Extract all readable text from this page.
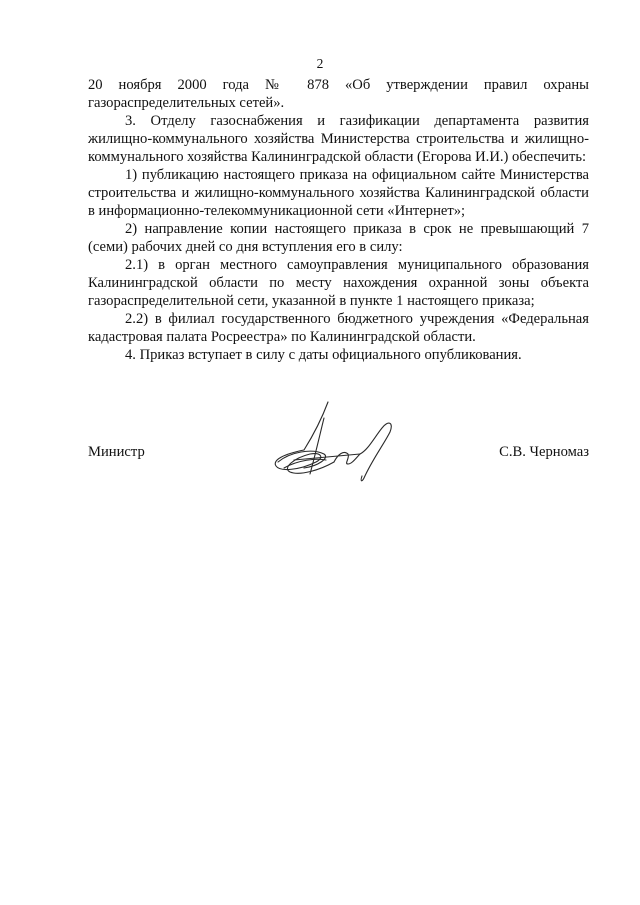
2

20 ноября 2000 года № 878 «Об утверждении правил охраны газораспределительных сетей».

3. Отделу газоснабжения и газификации департамента развития жилищно-коммунального хозяйства Министерства строительства и жилищно-коммунального хозяйства Калининградской области (Егорова И.И.) обеспечить:

1) публикацию настоящего приказа на официальном сайте Министерства строительства и жилищно-коммунального хозяйства Калининградской области в информационно-телекоммуникационной сети «Интернет»;

2) направление копии настоящего приказа в срок не превышающий 7 (семи) рабочих дней со дня вступления его в силу:

2.1) в орган местного самоуправления муниципального образования Калининградской области по месту нахождения охранной зоны объекта газораспределительной сети, указанной в пункте 1 настоящего приказа;

2.2) в филиал государственного бюджетного учреждения «Федеральная кадастровая палата Росреестра» по Калининградской области.

4. Приказ вступает в силу с даты официального опубликования.

Министр	С.В. Черномаз
